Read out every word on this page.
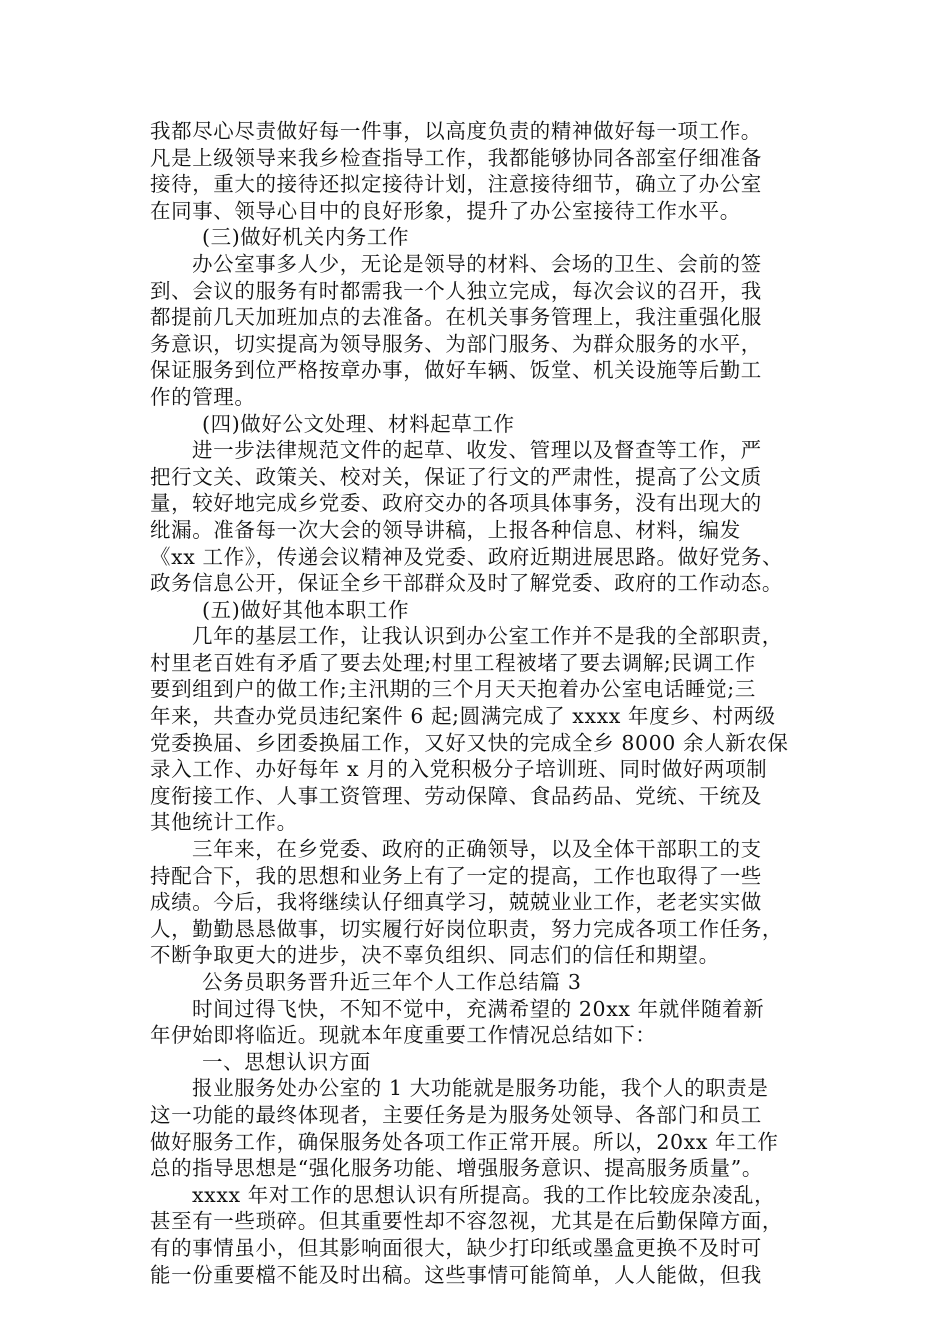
我都尽心尽责做好每一件事，以高度负责的精神做好每一项工作。
凡是上级领导来我乡检查指导工作，我都能够协同各部室仔细准备
接待，重大的接待还拟定接待计划，注意接待细节，确立了办公室
在同事、领导心目中的良好形象，提升了办公室接待工作水平。
(三)做好机关内务工作
办公室事多人少，无论是领导的材料、会场的卫生、会前的签
到、会议的服务有时都需我一个人独立完成，每次会议的召开，我
都提前几天加班加点的去准备。在机关事务管理上，我注重强化服
务意识，切实提高为领导服务、为部门服务、为群众服务的水平，
保证服务到位严格按章办事，做好车辆、饭堂、机关设施等后勤工
作的管理。
(四)做好公文处理、材料起草工作
进一步法律规范文件的起草、收发、管理以及督查等工作，严
把行文关、政策关、校对关，保证了行文的严肃性，提高了公文质
量，较好地完成乡党委、政府交办的各项具体事务，没有出现大的
纰漏。准备每一次大会的领导讲稿，上报各种信息、材料，编发
《xx 工作》，传递会议精神及党委、政府近期进展思路。做好党务、
政务信息公开，保证全乡干部群众及时了解党委、政府的工作动态。
(五)做好其他本职工作
几年的基层工作，让我认识到办公室工作并不是我的全部职责，
村里老百姓有矛盾了要去处理;村里工程被堵了要去调解;民调工作
要到组到户的做工作;主汛期的三个月天天抱着办公室电话睡觉;三
年来，共查办党员违纪案件 6 起;圆满完成了 xxxx 年度乡、村两级
党委换届、乡团委换届工作，又好又快的完成全乡 8000 余人新农保
录入工作、办好每年 x 月的入党积极分子培训班、同时做好两项制
度衔接工作、人事工资管理、劳动保障、食品药品、党统、干统及
其他统计工作。
三年来，在乡党委、政府的正确领导，以及全体干部职工的支
持配合下，我的思想和业务上有了一定的提高，工作也取得了一些
成绩。今后，我将继续认仔细真学习，兢兢业业工作，老老实实做
人，勤勤恳恳做事，切实履行好岗位职责，努力完成各项工作任务，
不断争取更大的进步，决不辜负组织、同志们的信任和期望。
公务员职务晋升近三年个人工作总结篇 3
时间过得飞快，不知不觉中，充满希望的 20xx 年就伴随着新
年伊始即将临近。现就本年度重要工作情况总结如下：
一、思想认识方面
报业服务处办公室的 1 大功能就是服务功能，我个人的职责是
这一功能的最终体现者，主要任务是为服务处领导、各部门和员工
做好服务工作，确保服务处各项工作正常开展。所以，20xx 年工作
总的指导思想是“强化服务功能、增强服务意识、提高服务质量”。
xxxx 年对工作的思想认识有所提高。我的工作比较庞杂凌乱，
甚至有一些琐碎。但其重要性却不容忽视，尤其是在后勤保障方面，
有的事情虽小，但其影响面很大，缺少打印纸或墨盒更换不及时可
能一份重要檔不能及时出稿。这些事情可能简单，人人能做，但我
